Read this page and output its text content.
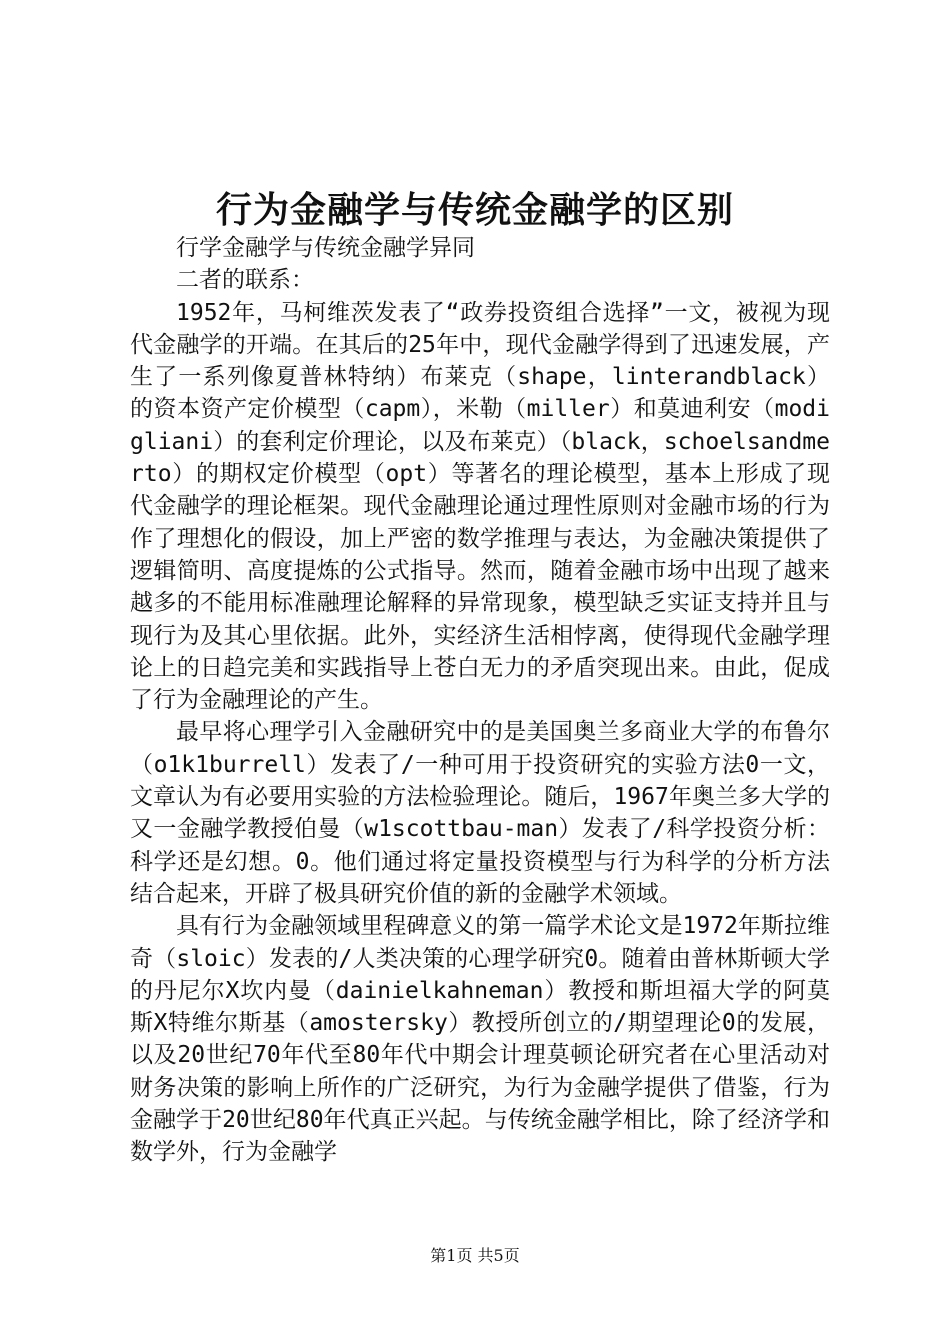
行为金融学与传统金融学的区别

行学金融学与传统金融学异同

二者的联系：

1952年，马柯维茨发表了“政券投资组合选择”一文，被视为现代金融学的开端。在其后的25年中，现代金融学得到了迅速发展，产生了一系列像夏普林特纳）布莱克（shape，linterandblack）的资本资产定价模型（capm），米勒（miller）和莫迪利安（modigliani）的套利定价理论，以及布莱克）（black，schoelsandmerto）的期权定价模型（opt）等著名的理论模型，基本上形成了现代金融学的理论框架。现代金融理论通过理性原则对金融市场的行为作了理想化的假设，加上严密的数学推理与表达，为金融决策提供了逻辑简明、高度提炼的公式指导。然而，随着金融市场中出现了越来越多的不能用标准融理论解释的异常现象，模型缺乏实证支持并且与现行为及其心里依据。此外，实经济生活相悖离，使得现代金融学理论上的日趋完美和实践指导上苍白无力的矛盾突现出来。由此，促成了行为金融理论的产生。

最早将心理学引入金融研究中的是美国奥兰多商业大学的布鲁尔（o1k1burrell）发表了/一种可用于投资研究的实验方法0一文，文章认为有必要用实验的方法检验理论。随后，1967年奥兰多大学的又一金融学教授伯曼（w1scottbau-man）发表了/科学投资分析：科学还是幻想。0。他们通过将定量投资模型与行为科学的分析方法结合起来，开辟了极具研究价值的新的金融学术领域。

具有行为金融领域里程碑意义的第一篇学术论文是1972年斯拉维奇（sloic）发表的/人类决策的心理学研究0。随着由普林斯顿大学的丹尼尔X坎内曼（dainielkahneman）教授和斯坦福大学的阿莫斯X特维尔斯基（amostersky）教授所创立的/期望理论0的发展，以及20世纪70年代至80年代中期会计理莫顿论研究者在心里活动对财务决策的影响上所作的广泛研究，为行为金融学提供了借鉴，行为金融学于20世纪80年代真正兴起。与传统金融学相比，除了经济学和数学外，行为金融学

第1页 共5页
